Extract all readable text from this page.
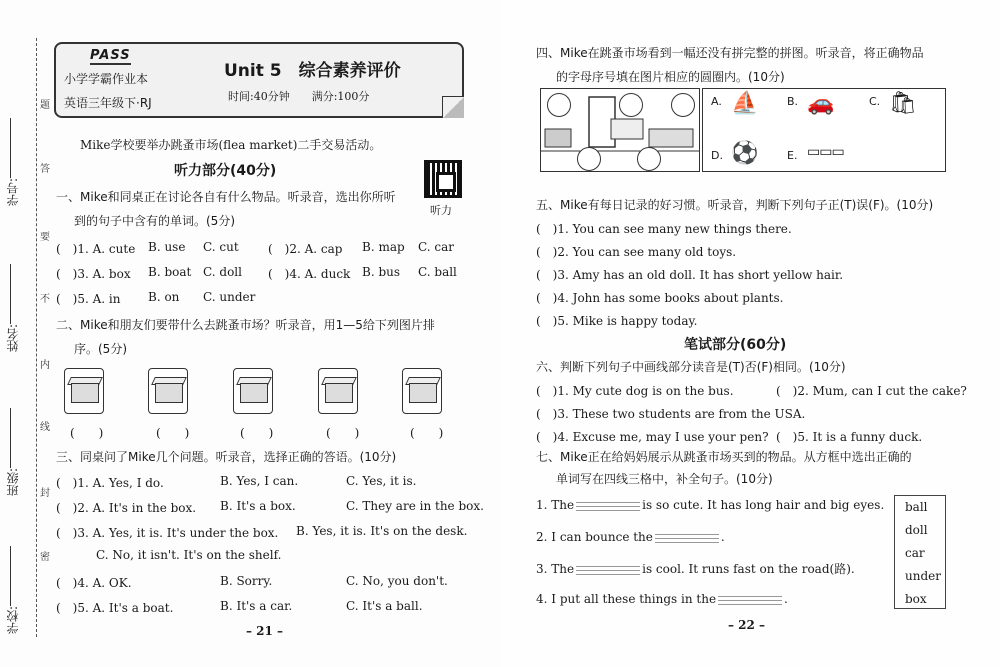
学号:
姓名:
班级:
学校:
题
答
要
不
内
线
封
密
PASS
小学学霸作业本
英语三年级下·RJ
Unit 5　综合素养评价
时间:40分钟　　 满分:100分
Mike学校要举办跳蚤市场(flea market)二手交易活动。
听力部分(40分)
听力
一、Mike和同桌正在讨论各自有什么物品。听录音，选出你所听
到的句子中含有的单词。(5分)
(　)1. A. cute B. use C. cut (　)2. A. cap B. map C. car
(　)3. A. box B. boat C. doll (　)4. A. duck B. bus C. ball
(　)5. A. in B. on C. under
二、Mike和朋友们要带什么去跳蚤市场？听录音，用1—5给下列图片排
序。(5分)
(　　)	(　　)	(　　)	(　　)	(　　)
三、同桌问了Mike几个问题。听录音，选择正确的答语。(10分)
(　)1. A. Yes, I do.	B. Yes, I can.	C. Yes, it is.
(　)2. A. It's in the box. B. It's a box.	C. They are in the box.
(　)3. A. Yes, it is. It's under the box. B. Yes, it is. It's on the desk.
C. No, it isn't. It's on the shelf.
(　)4. A. OK.	B. Sorry.	C. No, you don't.
(　)5. A. It's a boat.	B. It's a car.	C. It's a ball.
– 21 –
四、Mike在跳蚤市场看到一幅还没有拼完整的拼图。听录音，将正确物品
的字母序号填在图片相应的圆圈内。(10分)
A. ⛵	B. 🚗	C. 🛍
D. ⚽	E. ▭▭▭
五、Mike有每日记录的好习惯。听录音，判断下列句子正(T)误(F)。(10分)
(　)1. You can see many new things there.
(　)2. You can see many old toys.
(　)3. Amy has an old doll. It has short yellow hair.
(　)4. John has some books about plants.
(　)5. Mike is happy today.
笔试部分(60分)
六、判断下列句子中画线部分读音是(T)否(F)相同。(10分)
(　)1. My cute dog is on the bus.	(　)2. Mum, can I cut the cake?
(　)3. These two students are from the USA.
(　)4. Excuse me, may I use your pen? (　)5. It is a funny duck.
七、Mike正在给妈妈展示从跳蚤市场买到的物品。从方框中选出正确的
单词写在四线三格中，补全句子。(10分)
1. The	is so cute. It has long hair and big eyes.
2. I can bounce the	.
3. The	is cool. It runs fast on the road(路).
4. I put all these things in the	.
ball
doll
car
under
box
– 22 –
